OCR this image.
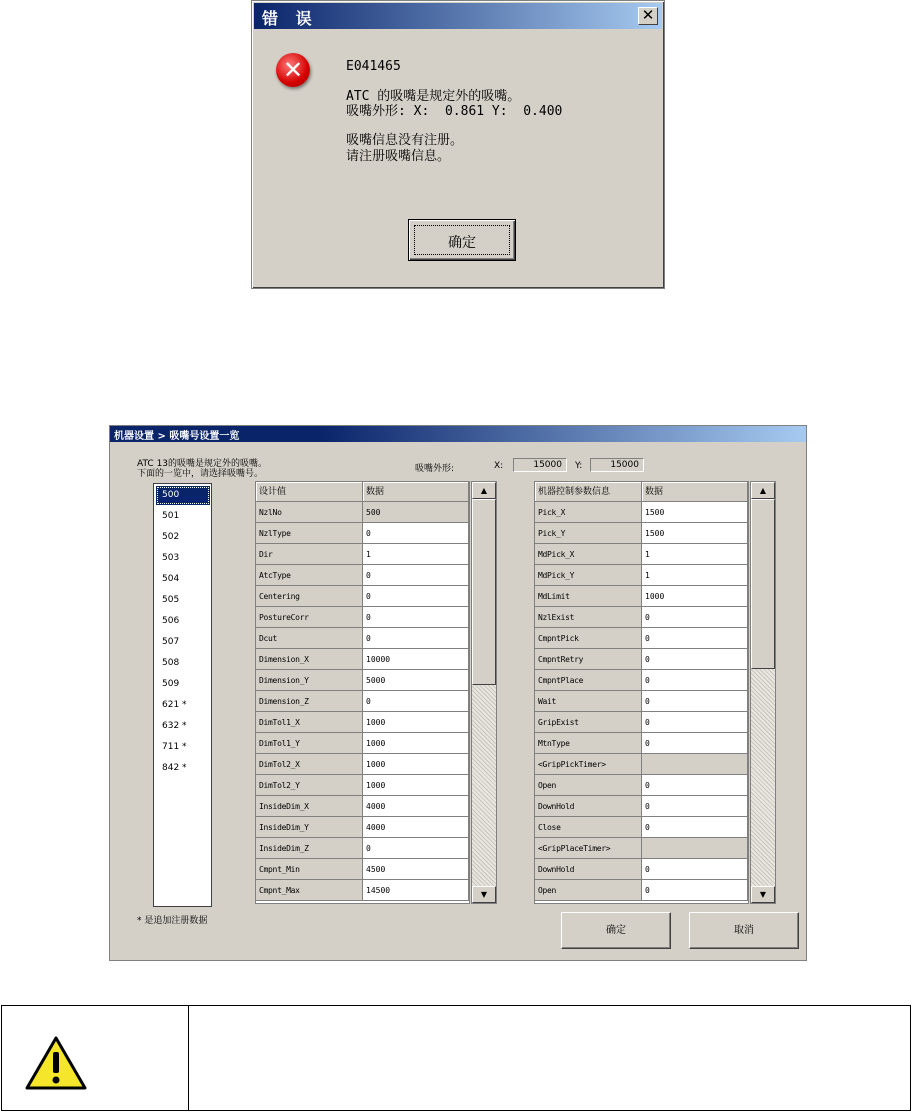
错 误	✕
✕	E041465
ATC 的吸嘴是规定外的吸嘴。
吸嘴外形: X:  0.861 Y:  0.400
吸嘴信息没有注册。
请注册吸嘴信息。
确定
机器设置 > 吸嘴号设置一览
ATC 13的吸嘴是规定外的吸嘴。
下面的一览中，请选择吸嘴号。	吸嘴外形:	X:	15000	Y:	15000
500
501
502
503
504
505
506
507
508
509
621 *
632 *
711 *
842 *
* 是追加注册数据
设计值	数据
NzlNo	500
NzlType	0
Dir	1
AtcType	0
Centering	0
PostureCorr	0
Dcut	0
Dimension_X	10000
Dimension_Y	5000
Dimension_Z	0
DimTol1_X	1000
DimTol1_Y	1000
DimTol2_X	1000
DimTol2_Y	1000
InsideDim_X	4000
InsideDim_Y	4000
InsideDim_Z	0
Cmpnt_Min	4500
Cmpnt_Max	14500
▲
▼
机器控制参数信息	数据
Pick_X	1500
Pick_Y	1500
MdPick_X	1
MdPick_Y	1
MdLimit	1000
NzlExist	0
CmpntPick	0
CmpntRetry	0
CmpntPlace	0
Wait	0
GripExist	0
MtnType	0
<GripPickTimer>
Open	0
DownHold	0
Close	0
<GripPlaceTimer>
DownHold	0
Open	0
▲
▼
确定	取消
